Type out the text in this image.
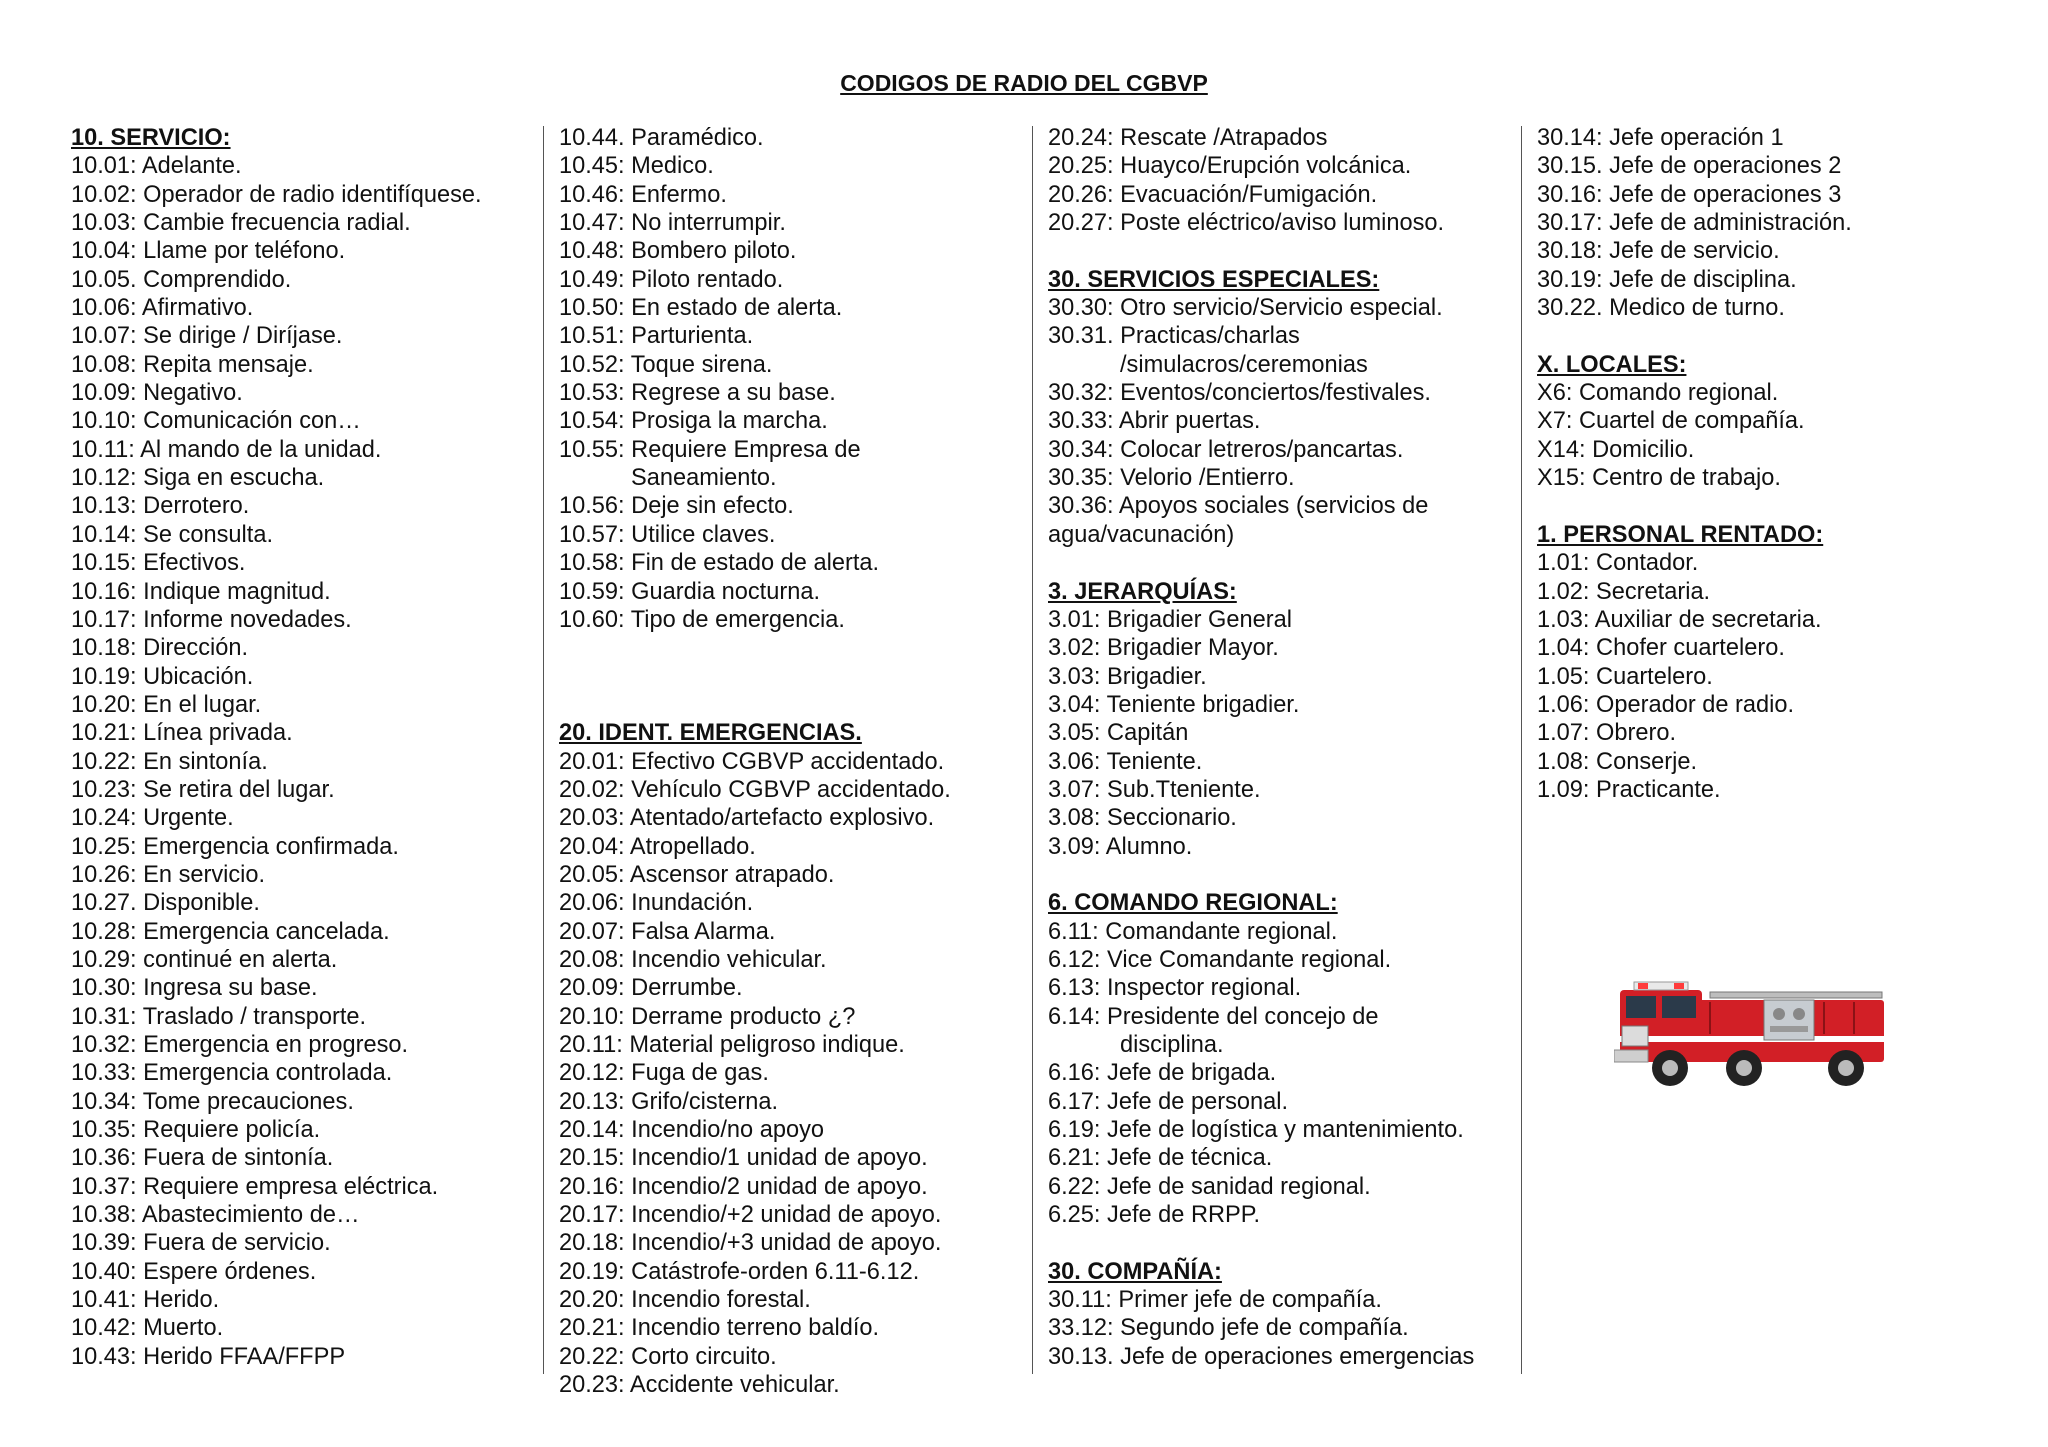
CODIGOS DE RADIO DEL CGBVP
10. SERVICIO:
10.01: Adelante.
10.02: Operador de radio identifíquese.
10.03: Cambie frecuencia radial.
10.04: Llame por teléfono.
10.05. Comprendido.
10.06: Afirmativo.
10.07: Se dirige / Diríjase.
10.08: Repita mensaje.
10.09: Negativo.
10.10: Comunicación con…
10.11: Al mando de la unidad.
10.12: Siga en escucha.
10.13: Derrotero.
10.14: Se consulta.
10.15: Efectivos.
10.16: Indique magnitud.
10.17: Informe novedades.
10.18: Dirección.
10.19: Ubicación.
10.20: En el lugar.
10.21: Línea privada.
10.22: En sintonía.
10.23: Se retira del lugar.
10.24: Urgente.
10.25: Emergencia confirmada.
10.26: En servicio.
10.27. Disponible.
10.28: Emergencia cancelada.
10.29: continué en alerta.
10.30: Ingresa su base.
10.31: Traslado / transporte.
10.32: Emergencia en progreso.
10.33: Emergencia controlada.
10.34: Tome precauciones.
10.35: Requiere policía.
10.36: Fuera de sintonía.
10.37: Requiere empresa eléctrica.
10.38: Abastecimiento de…
10.39: Fuera de servicio.
10.40: Espere órdenes.
10.41: Herido.
10.42: Muerto.
10.43: Herido FFAA/FFPP
10.44. Paramédico.
10.45: Medico.
10.46: Enfermo.
10.47: No interrumpir.
10.48: Bombero piloto.
10.49: Piloto rentado.
10.50: En estado de alerta.
10.51: Parturienta.
10.52: Toque sirena.
10.53: Regrese a su base.
10.54: Prosiga la marcha.
10.55: Requiere Empresa de
Saneamiento.
10.56: Deje sin efecto.
10.57: Utilice claves.
10.58: Fin de estado de alerta.
10.59: Guardia nocturna.
10.60: Tipo de emergencia.
20. IDENT. EMERGENCIAS.
20.01: Efectivo CGBVP accidentado.
20.02: Vehículo CGBVP accidentado.
20.03: Atentado/artefacto explosivo.
20.04: Atropellado.
20.05: Ascensor atrapado.
20.06: Inundación.
20.07: Falsa Alarma.
20.08: Incendio vehicular.
20.09: Derrumbe.
20.10: Derrame producto ¿?
20.11: Material peligroso indique.
20.12: Fuga de gas.
20.13: Grifo/cisterna.
20.14: Incendio/no apoyo
20.15: Incendio/1 unidad de apoyo.
20.16: Incendio/2 unidad de apoyo.
20.17: Incendio/+2 unidad de apoyo.
20.18: Incendio/+3 unidad de apoyo.
20.19: Catástrofe-orden 6.11-6.12.
20.20: Incendio forestal.
20.21: Incendio terreno baldío.
20.22: Corto circuito.
20.23: Accidente vehicular.
20.24: Rescate /Atrapados
20.25: Huayco/Erupción volcánica.
20.26: Evacuación/Fumigación.
20.27: Poste eléctrico/aviso luminoso.
30. SERVICIOS ESPECIALES:
30.30: Otro servicio/Servicio especial.
30.31. Practicas/charlas
/simulacros/ceremonias
30.32: Eventos/conciertos/festivales.
30.33: Abrir puertas.
30.34: Colocar letreros/pancartas.
30.35: Velorio /Entierro.
30.36: Apoyos sociales (servicios de
agua/vacunación)
3. JERARQUÍAS:
3.01: Brigadier General
3.02: Brigadier Mayor.
3.03: Brigadier.
3.04: Teniente brigadier.
3.05: Capitán
3.06: Teniente.
3.07: Sub.Tteniente.
3.08: Seccionario.
3.09: Alumno.
6. COMANDO REGIONAL:
6.11: Comandante regional.
6.12: Vice Comandante regional.
6.13: Inspector regional.
6.14: Presidente del concejo de
disciplina.
6.16: Jefe de brigada.
6.17: Jefe de personal.
6.19: Jefe de logística y mantenimiento.
6.21: Jefe de técnica.
6.22: Jefe de sanidad regional.
6.25: Jefe de RRPP.
30. COMPAÑÍA:
30.11: Primer jefe de compañía.
33.12: Segundo jefe de compañía.
30.13. Jefe de operaciones emergencias
30.14: Jefe operación 1
30.15. Jefe de operaciones 2
30.16: Jefe de operaciones 3
30.17: Jefe de administración.
30.18: Jefe de servicio.
30.19: Jefe de disciplina.
30.22. Medico de turno.
X. LOCALES:
X6: Comando regional.
X7: Cuartel de compañía.
X14: Domicilio.
X15: Centro de trabajo.
1. PERSONAL RENTADO:
1.01: Contador.
1.02: Secretaria.
1.03: Auxiliar de secretaria.
1.04: Chofer cuartelero.
1.05: Cuartelero.
1.06: Operador de radio.
1.07: Obrero.
1.08: Conserje.
1.09: Practicante.
